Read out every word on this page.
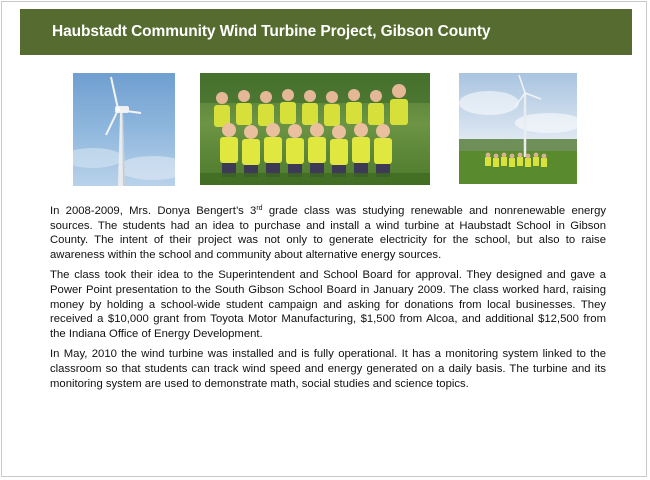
Haubstadt Community Wind Turbine Project, Gibson County

In 2008-2009, Mrs. Donya Bengert’s 3rd grade class was studying renewable and nonrenewable energy sources. The students had an idea to purchase and install a wind turbine at Haubstadt School in Gibson County. The intent of their project was not only to generate electricity for the school, but also to raise awareness within the school and community about alternative energy sources.

The class took their idea to the Superintendent and School Board for approval. They designed and gave a Power Point presentation to the South Gibson School Board in January 2009. The class worked hard, raising money by holding a school-wide student campaign and asking for donations from local businesses. They received a $10,000 grant from Toyota Motor Manufacturing, $1,500 from Alcoa, and additional $12,500 from the Indiana Office of Energy Development.

In May, 2010 the wind turbine was installed and is fully operational. It has a monitoring system linked to the classroom so that students can track wind speed and energy generated on a daily basis. The turbine and its monitoring system are used to demonstrate math, social studies and science topics.
